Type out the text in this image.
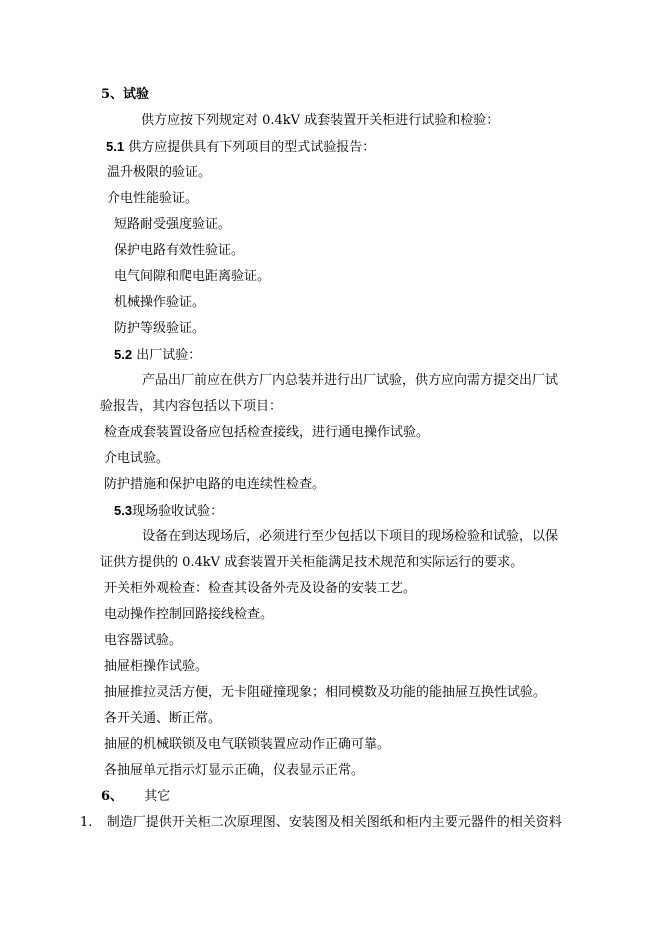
5、试验
供方应按下列规定对 0.4kV 成套装置开关柜进行试验和检验：
5.1 供方应提供具有下列项目的型式试验报告：
温升极限的验证。
介电性能验证。
短路耐受强度验证。
保护电路有效性验证。
电气间隙和爬电距离验证。
机械操作验证。
防护等级验证。
5.2 出厂试验：
产品出厂前应在供方厂内总装并进行出厂试验，供方应向需方提交出厂试
验报告，其内容包括以下项目：
检查成套装置设备应包括检查接线，进行通电操作试验。
介电试验。
防护措施和保护电路的电连续性检查。
5.3现场验收试验：
设备在到达现场后，必须进行至少包括以下项目的现场检验和试验，以保
证供方提供的 0.4kV 成套装置开关柜能满足技术规范和实际运行的要求。
开关柜外观检查：检查其设备外壳及设备的安装工艺。
电动操作控制回路接线检查。
电容器试验。
抽屉柜操作试验。
抽屉推拉灵活方便，无卡阻碰撞现象；相同模数及功能的能抽屉互换性试验。
各开关通、断正常。
抽屉的机械联锁及电气联锁装置应动作正确可靠。
各抽屉单元指示灯显示正确，仪表显示正常。
6、 其它
1. 制造厂提供开关柜二次原理图、安装图及相关图纸和柜内主要元器件的相关资料
